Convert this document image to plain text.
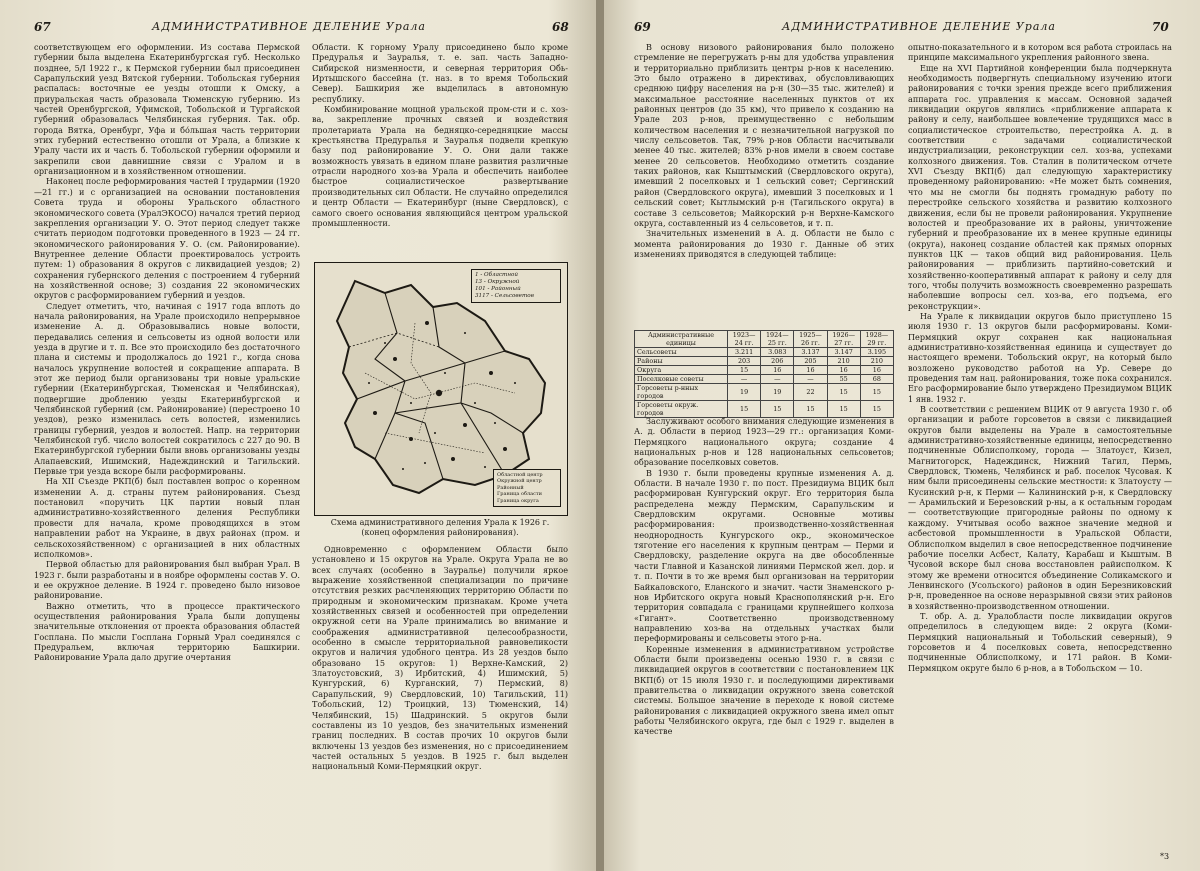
67	АДМИНИСТРАТИВНОЕ ДЕЛЕНИЕ Урала	68

соответствующем его оформлении. Из состава Пермской губернии была выделена Екатеринбургская губ. Несколько позднее, 5/I 1922 г., к Пермской губернии был присоединен Сарапульский уезд Вятской губернии. Тобольская губерния распалась: восточные ее уезды отошли к Омску, а приуральская часть образовала Тюменскую губернию. Из частей Оренбургской, Уфимской, Тобольской и Тургайской губерний образовалась Челябинская губерния. Так. обр. города Вятка, Оренбург, Уфа и бо́льшая часть территории этих губерний естественно отошли от Урала, а близкие к Уралу части их и часть б. Тобольской губернии оформили и закрепили свои давнишние связи с Уралом и в организационном и в хозяйственном отношении.

Наконец после реформирования частей I трудармии (1920—21 гг.) и с организацией на основании постановления Совета труда и обороны Уральского областного экономического совета (УралЭКОСО) начался третий период закрепления организации У. О. Этот период следует также считать периодом подготовки проведенного в 1923 — 24 гг. экономического районирования У. О. (см. Районирование). Внутреннее деление Области проектировалось устроить путем: 1) образования 8 округов с ликвидацией уездов; 2) сохранения губернского деления с построением 4 губерний на хозяйственной основе; 3) создания 22 экономических округов с расформированием губерний и уездов.

Следует отметить, что, начиная с 1917 года вплоть до начала районирования, на Урале происходило непрерывное изменение А. д. Образовывались новые волости, передавались селения и сельсоветы из одной волости или уезда в другие и т. п. Все это происходило без достаточного плана и системы и продолжалось до 1921 г., когда снова началось укрупнение волостей и сокращение аппарата. В этот же период были организованы три новые уральские губернии (Екатеринбургская, Тюменская и Челябинская), подвергшие дроблению уезды Екатеринбургской и Челябинской губерний (см. Районирование) (перестроено 10 уездов), резко изменилась сеть волостей, изменились границы губерний, уездов и волостей. Напр. на территории Челябинской губ. число волостей сократилось с 227 до 90. В Екатеринбургской губернии были вновь организованы уезды Алапаевский, Ишимский, Надеждинский и Тагильский. Первые три уезда вскоре были расформированы.

На XII Съезде РКП(б) был поставлен вопрос о коренном изменении А. д. страны путем районирования. Съезд постановил «поручить ЦК партии новый план административно-хозяйственного деления Республики провести для начала, кроме проводящихся в этом направлении работ на Украине, в двух районах (пром. и сельскохозяйственном) с организацией в них областных исполкомов».

Первой областью для районирования был выбран Урал. В 1923 г. были разработаны и в ноябре оформлены состав У. О. и ее окружное деление. В 1924 г. проведено было низовое районирование.

Важно отметить, что в процессе практического осуществления районирования Урала были допущены значительные отклонения от проекта образования областей Госплана. По мысли Госплана Горный Урал соединялся с Предуральем, включая территорию Башкирии. Районирование Урала дало другие очертания

Области. К горному Уралу присоединено было кроме Предуралья и Зауралья, т. е. зап. часть Западно-Сибирской низменности, и северная территория Обь-Иртышского бассейна (т. наз. в то время Тобольский Север). Башкирия же выделилась в автономную республику.

Комбинирование мощной уральской пром-сти и с. хоз-ва, закрепление прочных связей и воздействия пролетариата Урала на бедняцко-середняцкие массы крестьянства Предуралья и Зауралья подвели крепкую базу под районирование У. О. Они дали также возможность увязать в едином плане развития различные отрасли народного хоз-ва Урала и обеспечить наиболее быстрое социалистическое развертывание производительных сил Области. Не случайно определился и центр Области — Екатеринбург (ныне Свердловск), с самого своего основания являющийся центром уральской промышленности.

1 - Областной
13 - Окружной
101 - Районный
3117 - Сельсоветов
Областной центр
Окружной центр
Районный
Граница области
Граница округа
Схема административного деления Урала к 1926 г.
(конец оформления районирования).

Одновременно с оформлением Области было установлено и 15 округов на Урале. Округа Урала не во всех случаях (особенно в Зауралье) получили яркое выражение хозяйственной специализации по причине отсутствия резких расчленяющих территорию Области по природным и экономическим признакам. Кроме учета хозяйственных связей и особенностей при определении окружной сети на Урале принимались во внимание и соображения административной целесообразности, особенно в смысле территориальной равновеликости округов и наличия удобного центра. Из 28 уездов было образовано 15 округов: 1) Верхне-Камский, 2) Златоустовский, 3) Ирбитский, 4) Ишимский, 5) Кунгурский, 6) Курганский, 7) Пермский, 8) Сарапульский, 9) Свердловский, 10) Тагильский, 11) Тобольский, 12) Троицкий, 13) Тюменский, 14) Челябинский, 15) Шадринский. 5 округов были составлены из 10 уездов, без значительных изменений границ последних. В состав прочих 10 округов были включены 13 уездов без изменения, но с присоединением частей остальных 5 уездов. В 1925 г. был выделен национальный Коми-Пермяцкий округ.

69	АДМИНИСТРАТИВНОЕ ДЕЛЕНИЕ Урала	70

В основу низового районирования было положено стремление не перегружать р-ны для удобства управления и территориально приблизить центры р-нов к населению. Это было отражено в директивах, обусловливающих среднюю цифру населения на р-н (30—35 тыс. жителей) и максимальное расстояние населенных пунктов от их районных центров (до 35 км), что привело к созданию на Урале 203 р-нов, преимущественно с небольшим количеством населения и с незначительной нагрузкой по числу сельсоветов. Так, 79% р-нов Области насчитывали менее 40 тыс. жителей; 83% р-нов имели в своем составе менее 20 сельсоветов. Необходимо отметить создание таких районов, как Кыштымский (Свердловского округа), имевший 2 поселковых и 1 сельский совет; Сергинский район (Свердловского округа), имевший 3 поселковых и 1 сельский совет; Кытлымский р-н (Тагильского округа) в составе 3 сельсоветов; Майкорский р-н Верхне-Камского округа, составленный из 4 сельсоветов, и т. п.

Значительных изменений в А. д. Области не было с момента районирования до 1930 г. Данные об этих изменениях приводятся в следующей таблице:

Административные единицы	1923—24 гг.	1924—25 гг.	1925—26 гг.	1926—27 гг.	1928—29 гг.
Сельсоветы	3.211	3.083	3.137	3.147	3.195
Районы	203	206	205	210	210
Округа	15	16	16	16	16
Поселковые советы	—	—	—	55	68
Горсоветы р-нных городов	19	19	22	15	15
Горсоветы окруж. городов	15	15	15	15	15

Заслуживают особого внимания следующие изменения в А. д. Области в период 1923—29 гг.: организация Коми-Пермяцкого национального округа; создание 4 национальных р-нов и 128 национальных сельсоветов; образование поселковых советов.

В 1930 г. были проведены крупные изменения А. д. Области. В начале 1930 г. по пост. Президиума ВЦИК был расформирован Кунгурский округ. Его территория была распределена между Пермским, Сарапульским и Свердловским округами. Основные мотивы расформирования: производственно-хозяйственная неоднородность Кунгурского окр., экономическое тяготение его населения к крупным центрам — Перми и Свердловску, разделение округа на две обособленные части Главной и Казанской линиями Пермской жел. дор. и т. п. Почти в то же время был организован на территории Байкаловского, Еланского и значит. части Знаменского р-нов Ирбитского округа новый Краснополянский р-н. Его территория совпадала с границами крупнейшего колхоза «Гигант». Соответственно производственному направлению хоз-ва на отдельных участках были переформированы и сельсоветы этого р-на.

Коренные изменения в административном устройстве Области были произведены осенью 1930 г. в связи с ликвидацией округов в соответствии с постановлением ЦК ВКП(б) от 15 июля 1930 г. и последующими директивами правительства о ликвидации окружного звена советской системы. Большое значение в переходе к новой системе районирования с ликвидацией окружного звена имел опыт работы Челябинского округа, где был с 1929 г. выделен в качестве

опытно-показательного и в котором вся работа строилась на принципе максимального укрепления районного звена.

Еще на XVI Партийной конференции была подчеркнута необходимость подвергнуть специальному изучению итоги районирования с точки зрения прежде всего приближения аппарата гос. управления к массам. Основной задачей ликвидации округов являлись «приближение аппарата к району и селу, наибольшее вовлечение трудящихся масс в социалистическое строительство, перестройка А. д. в соответствии с задачами социалистической индустриализации, реконструкции сел. хоз-ва, успехами колхозного движения. Тов. Сталин в политическом отчете XVI Съезду ВКП(б) дал следующую характеристику проведенному районированию: «Не может быть сомнения, что мы не смогли бы поднять громадную работу по перестройке сельского хозяйства и развитию колхозного движения, если бы не провели районирования. Укрупнение волостей и преобразование их в районы, уничтожение губерний и преобразование их в менее крупные единицы (округа), наконец создание областей как прямых опорных пунктов ЦК — таков общий вид районирования. Цель районирования — приблизить партийно-советский и хозяйственно-кооперативный аппарат к району и селу для того, чтобы получить возможность своевременно разрешать наболевшие вопросы сел. хоз-ва, его подъема, его реконструкции».

На Урале к ликвидации округов было приступлено 15 июля 1930 г. 13 округов были расформированы. Коми-Пермяцкий округ сохранен как национальная административно-хозяйственная единица и существует до настоящего времени. Тобольский округ, на который было возложено руководство работой на Ур. Севере до проведения там нац. районирования, тоже пока сохранился. Его расформирование было утверждено Президиумом ВЦИК 1 янв. 1932 г.

В соответствии с решением ВЦИК от 9 августа 1930 г. об организации и работе горсоветов в связи с ликвидацией округов были выделены на Урале в самостоятельные административно-хозяйственные единицы, непосредственно подчиненные Облисполкому, города — Златоуст, Кизел, Магнитогорск, Надеждинск, Нижний Тагил, Пермь, Свердловск, Тюмень, Челябинск и раб. поселок Чусовая. К ним были присоединены сельские местности: к Златоусту — Кусинский р-н, к Перми — Калининский р-н, к Свердловску — Арамильский и Березовский р-ны, а к остальным городам — соответствующие пригородные районы по одному к каждому. Учитывая особо важное значение медной и асбестовой промышленности в Уральской Области, Облисполком выделил в свое непосредственное подчинение рабочие поселки Асбест, Калату, Карабаш и Кыштым. В Чусовой вскоре был снова восстановлен райисполком. К этому же времени относится объединение Соликамского и Ленвинского (Усольского) районов в один Березниковский р-н, проведенное на основе неразрывной связи этих районов в хозяйственно-производственном отношении.

Т. обр. А. д. Уралобласти после ликвидации округов определилось в следующем виде: 2 округа (Коми-Пермяцкий национальный и Тобольский северный), 9 горсоветов и 4 поселковых совета, непосредственно подчиненные Облисполкому, и 171 район. В Коми-Пермяцком округе было 6 р-нов, а в Тобольском — 10.

*3
